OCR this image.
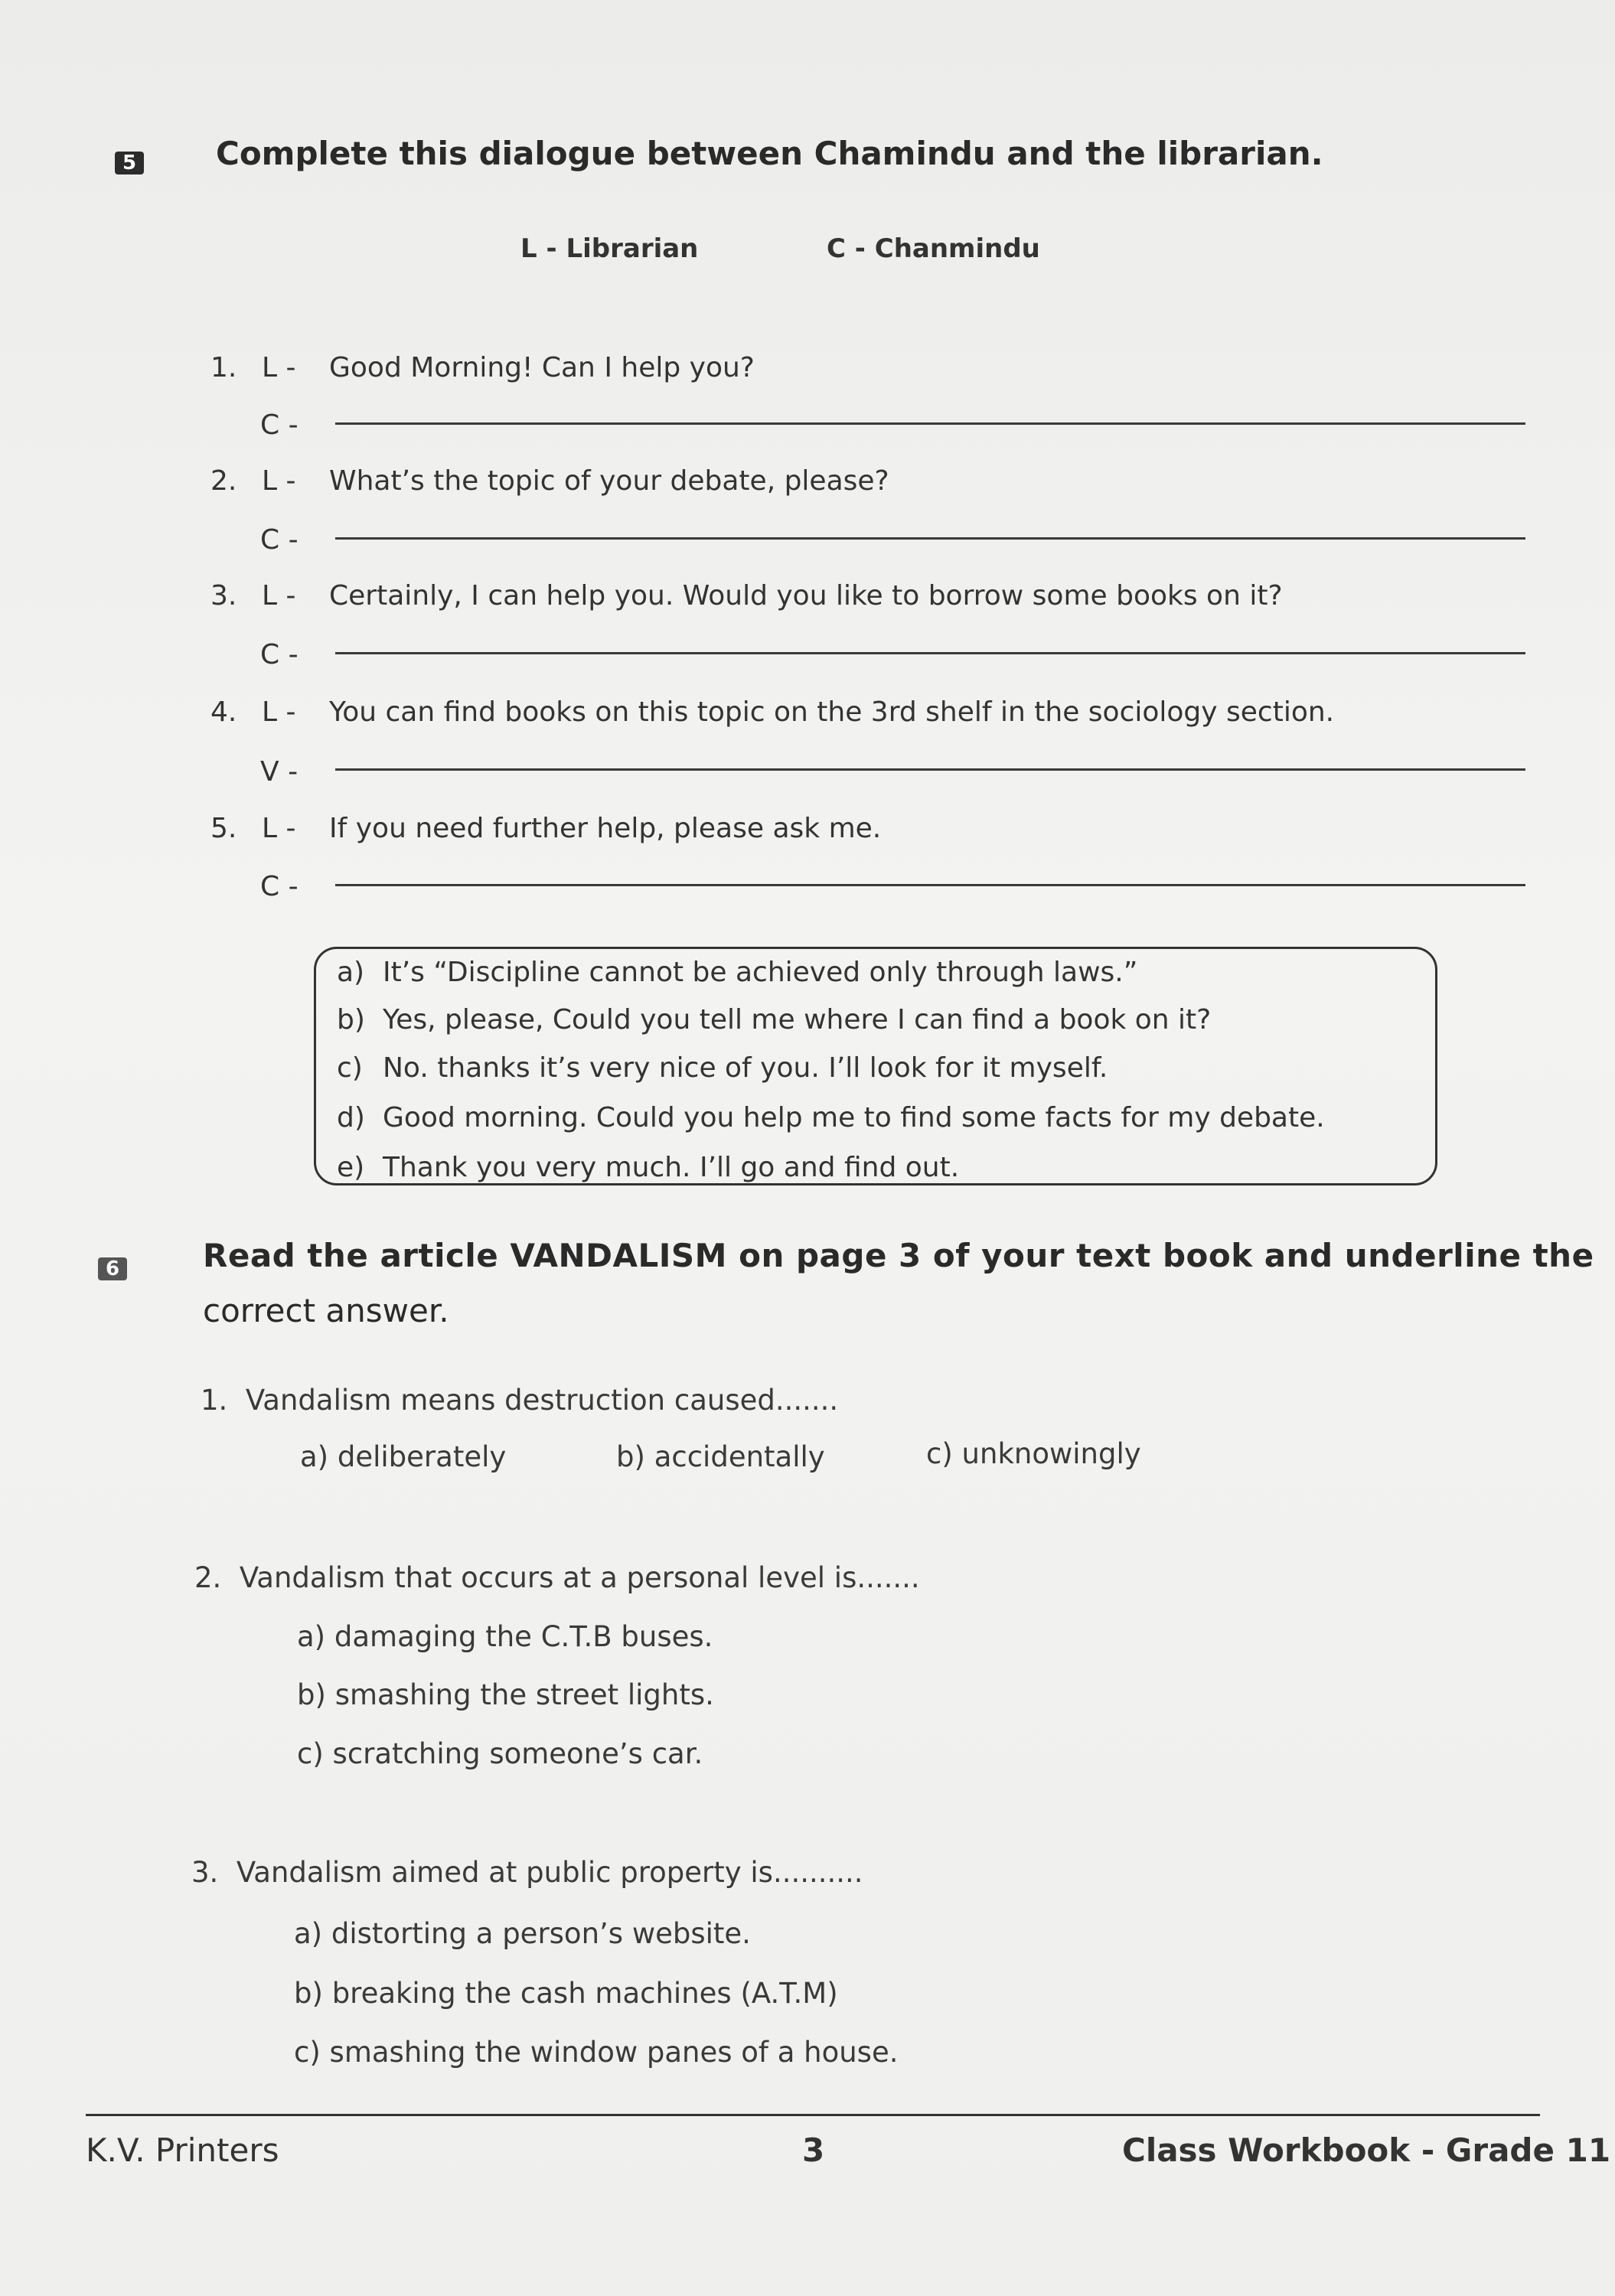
5 Complete this dialogue between Chamindu and the librarian.
L - Librarian	C - Chanmindu
1. L - Good Morning! Can I help you?
C -
2. L - What’s the topic of your debate, please?
C -
3. L - Certainly, I can help you. Would you like to borrow some books on it?
C -
4. L - You can find books on this topic on the 3rd shelf in the sociology section.
V -
5. L - If you need further help, please ask me.
C -
a) It’s “Discipline cannot be achieved only through laws.”
b) Yes, please, Could you tell me where I can find a book on it?
c) No. thanks it’s very nice of you. I’ll look for it myself.
d) Good morning. Could you help me to find some facts for my debate.
e) Thank you very much. I’ll go and find out.
6	Read the article VANDALISM on page 3 of your text book and underline the
correct answer.
1. Vandalism means destruction caused.......
a) deliberately	b) accidentally	c) unknowingly
2. Vandalism that occurs at a personal level is.......
a) damaging the C.T.B buses.
b) smashing the street lights.
c) scratching someone’s car.
3. Vandalism aimed at public property is..........
a) distorting a person’s website.
b) breaking the cash machines (A.T.M)
c) smashing the window panes of a house.
K.V. Printers	3	Class Workbook - Grade 11
